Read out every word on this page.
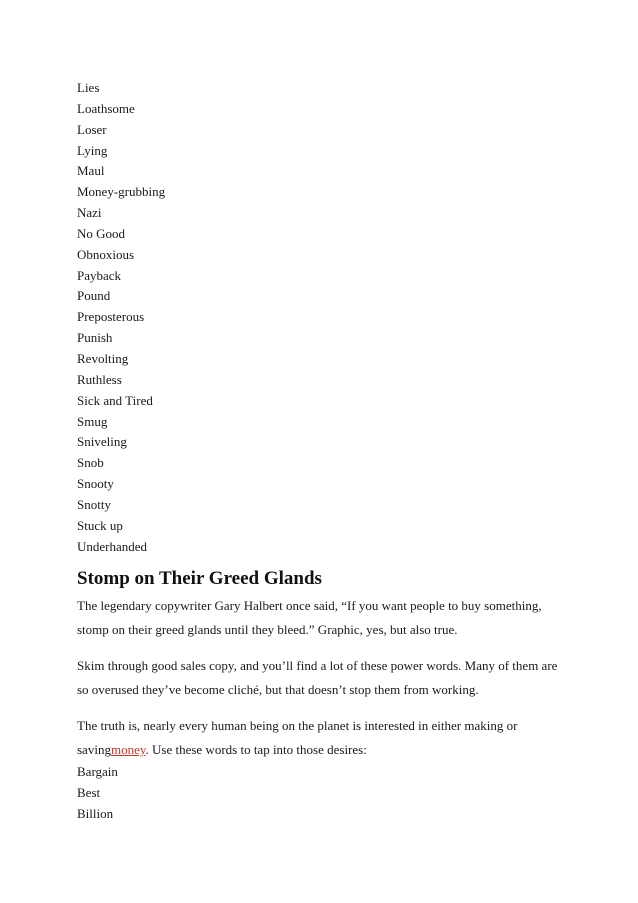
Lies
Loathsome
Loser
Lying
Maul
Money-grubbing
Nazi
No Good
Obnoxious
Payback
Pound
Preposterous
Punish
Revolting
Ruthless
Sick and Tired
Smug
Sniveling
Snob
Snooty
Snotty
Stuck up
Underhanded
Stomp on Their Greed Glands

The legendary copywriter Gary Halbert once said, “If you want people to buy something,

stomp on their greed glands until they bleed.” Graphic, yes, but also true.

Skim through good sales copy, and you’ll find a lot of these power words. Many of them are

so overused they’ve become cliché, but that doesn’t stop them from working.

The truth is, nearly every human being on the planet is interested in either making or

savingmoney. Use these words to tap into those desires:

Bargain
Best
Billion
